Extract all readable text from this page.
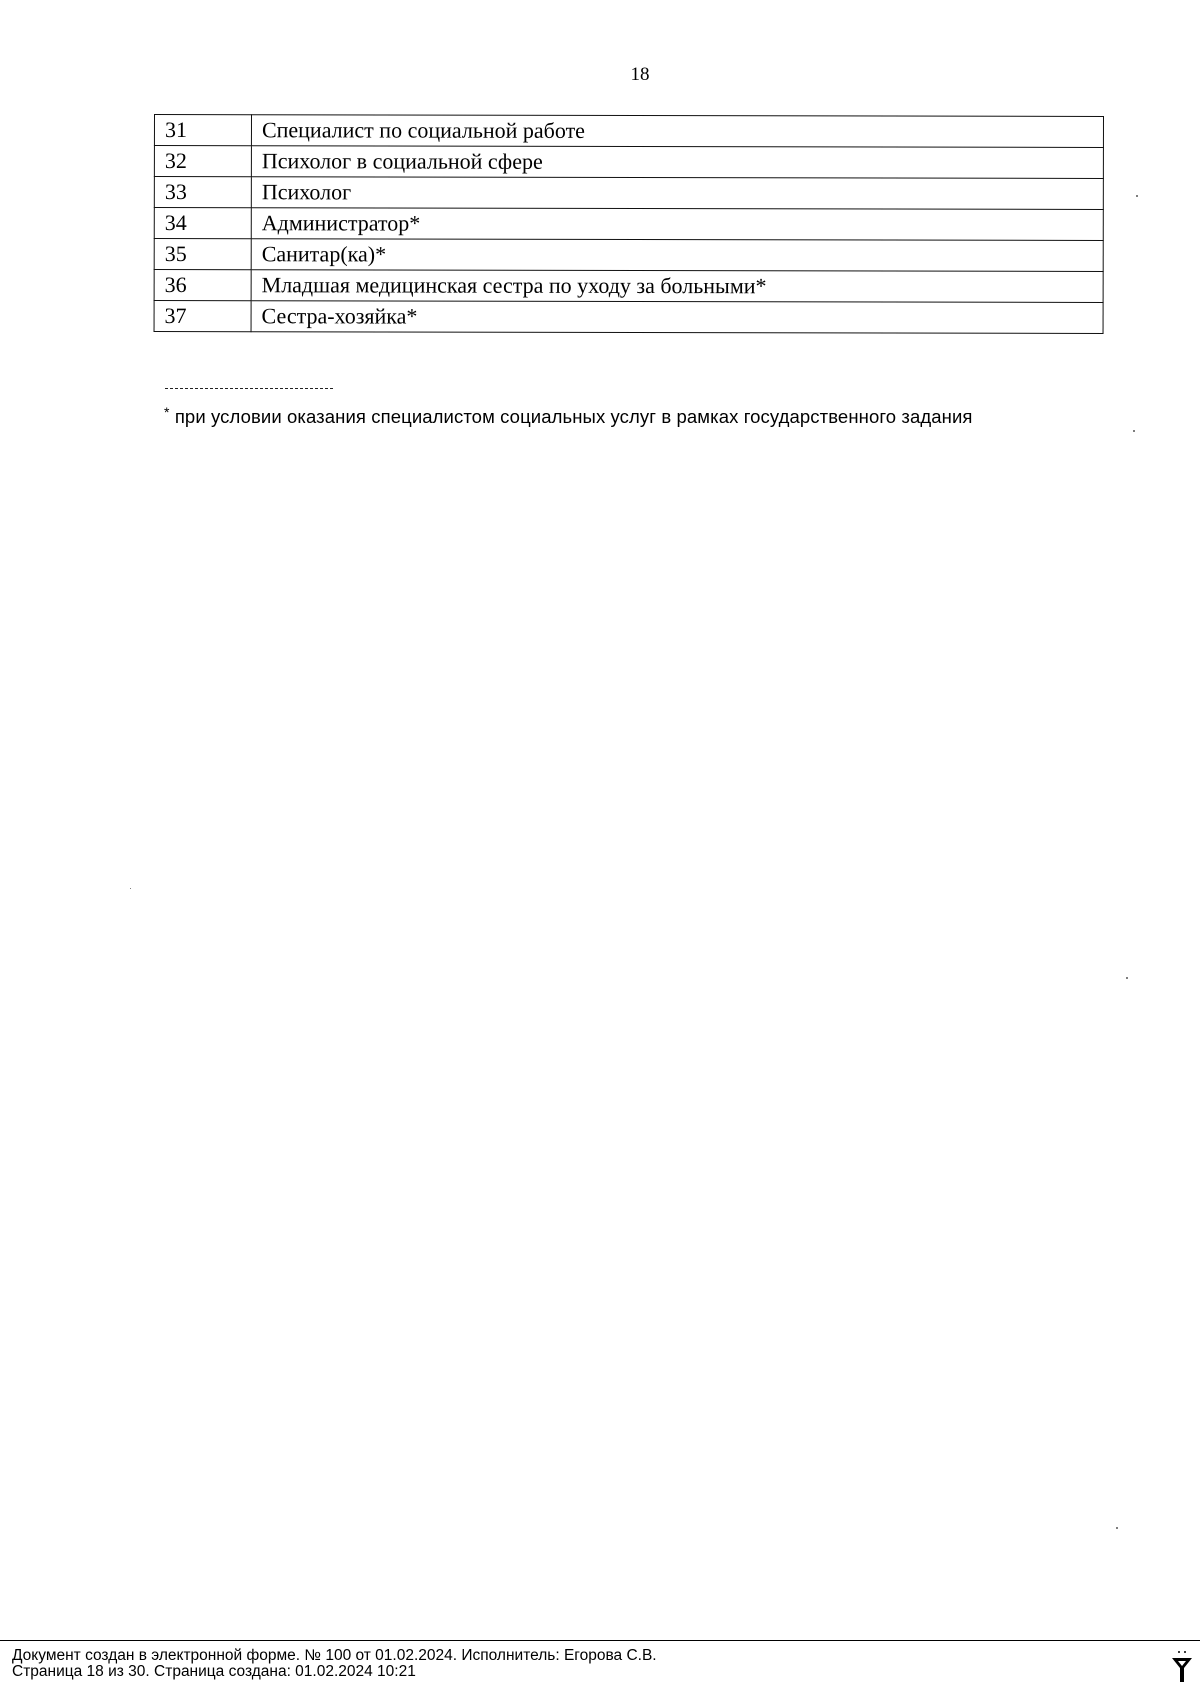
18
31	Специалист по социальной работе
32	Психолог в социальной сфере
33	Психолог
34	Администратор*
35	Санитар(ка)*
36	Младшая медицинская сестра по уходу за больными*
37	Сестра-хозяйка*
* при условии оказания специалистом социальных услуг в рамках государственного задания
Документ создан в электронной форме. № 100 от 01.02.2024. Исполнитель: Егорова С.В.
Страница 18 из 30. Страница создана: 01.02.2024 10:21
